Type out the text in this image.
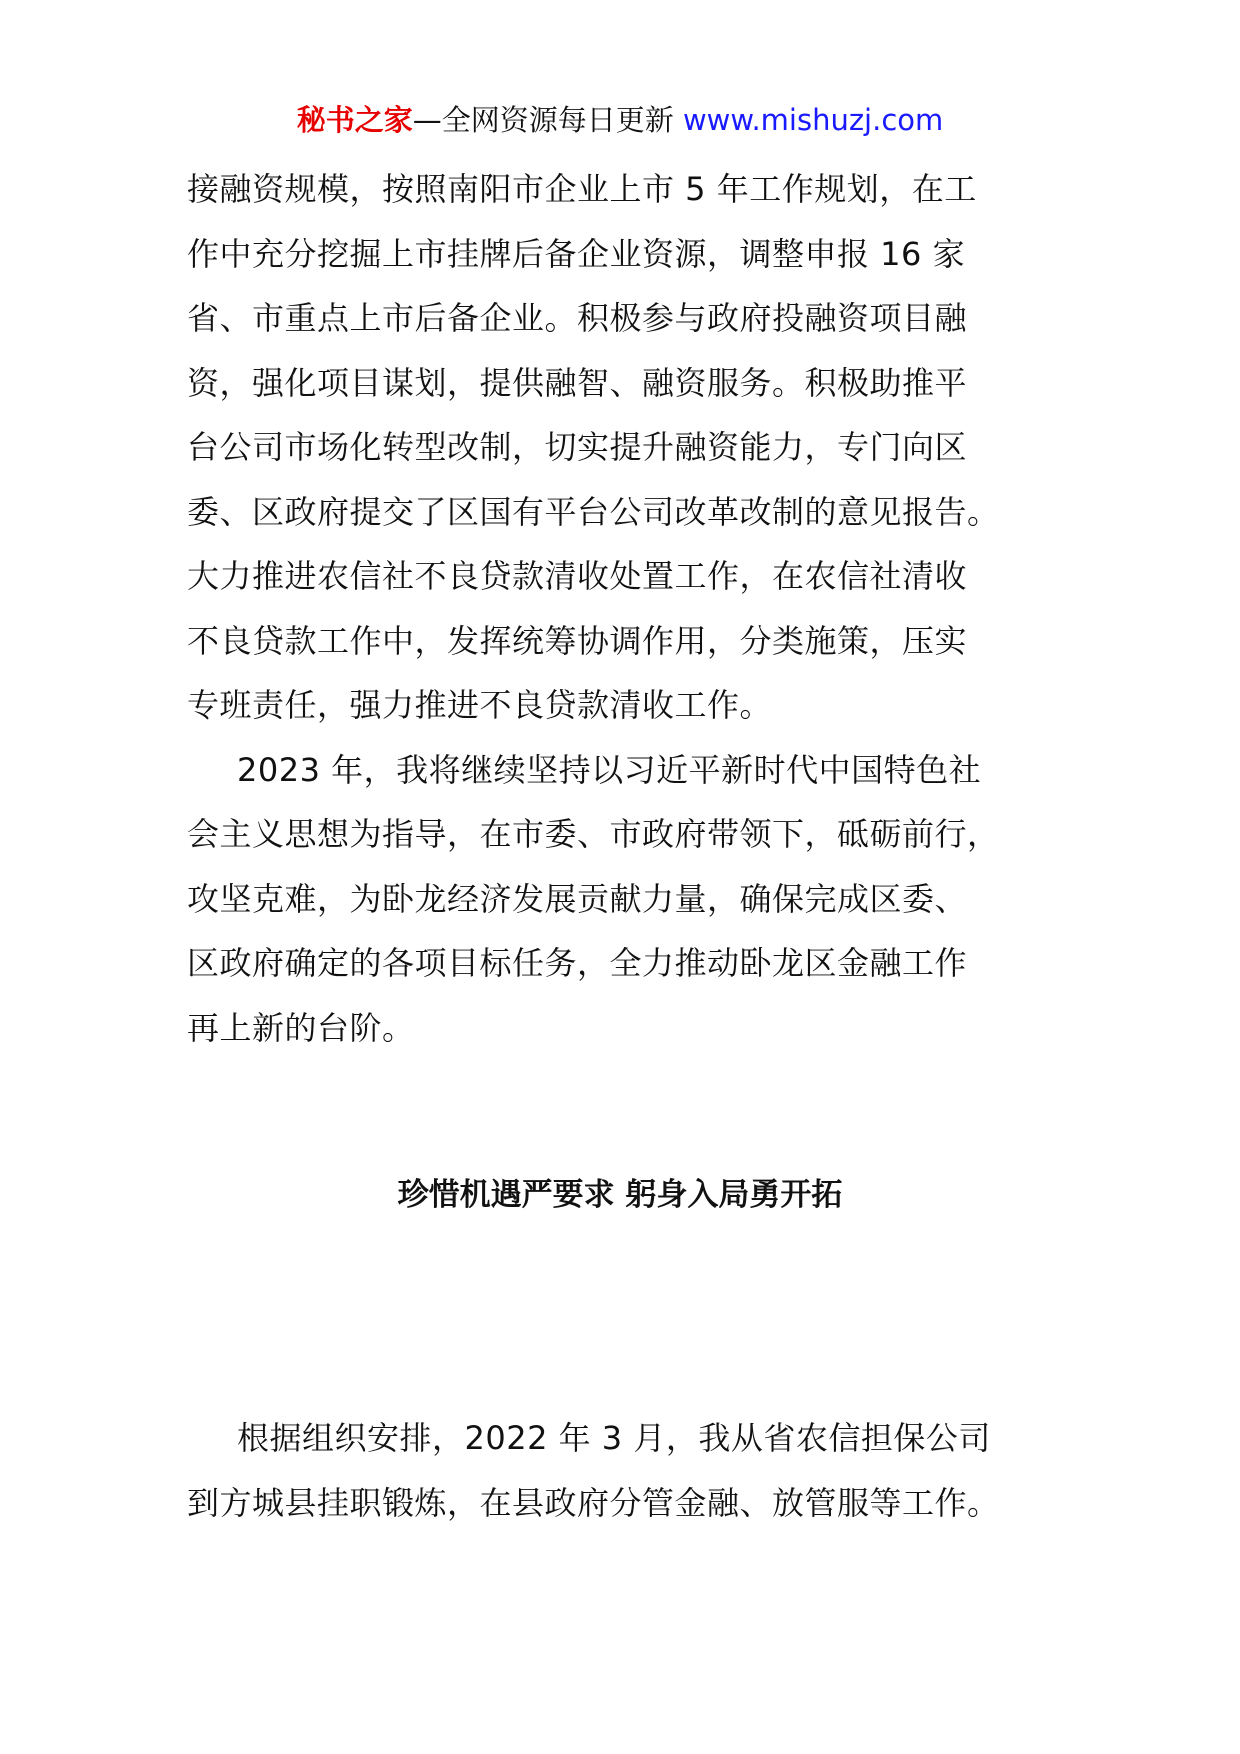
秘书之家—全网资源每日更新 www.mishuzj.com
接融资规模，按照南阳市企业上市 5 年工作规划，在工
作中充分挖掘上市挂牌后备企业资源，调整申报 16 家
省、市重点上市后备企业。积极参与政府投融资项目融
资，强化项目谋划，提供融智、融资服务。积极助推平
台公司市场化转型改制，切实提升融资能力，专门向区
委、区政府提交了区国有平台公司改革改制的意见报告。
大力推进农信社不良贷款清收处置工作，在农信社清收
不良贷款工作中，发挥统筹协调作用，分类施策，压实
专班责任，强力推进不良贷款清收工作。
2023 年，我将继续坚持以习近平新时代中国特色社
会主义思想为指导，在市委、市政府带领下，砥砺前行，
攻坚克难，为卧龙经济发展贡献力量，确保完成区委、
区政府确定的各项目标任务，全力推动卧龙区金融工作
再上新的台阶。
珍惜机遇严要求 躬身入局勇开拓
根据组织安排，2022 年 3 月，我从省农信担保公司
到方城县挂职锻炼，在县政府分管金融、放管服等工作。
